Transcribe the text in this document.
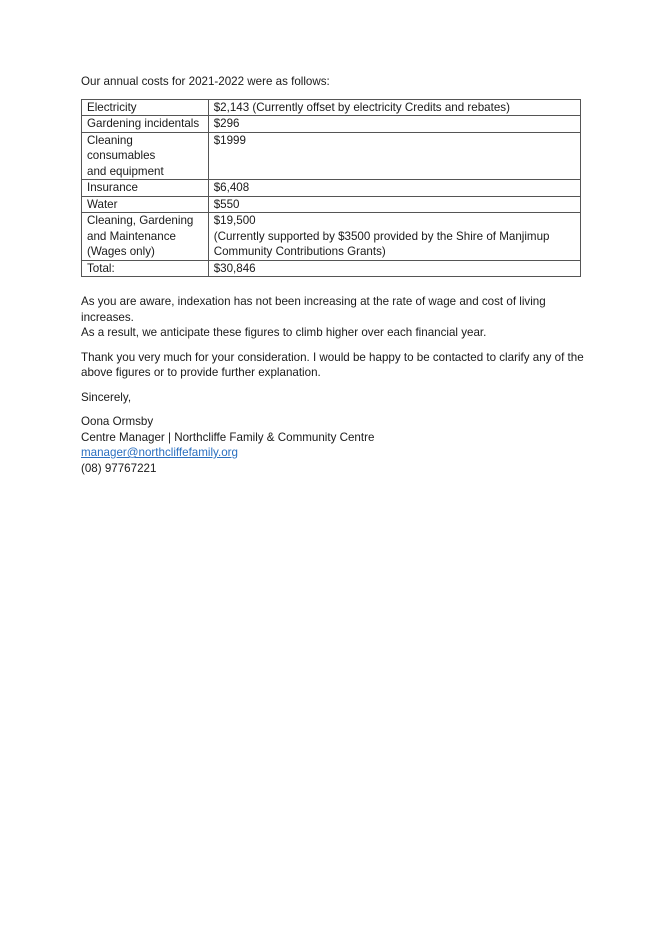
Our annual costs for 2021-2022 were as follows:

Electricity	$2,143 (Currently offset by electricity Credits and rebates)

Gardening incidentals	$296

Cleaning consumables
and equipment	$1999

Insurance	$6,408

Water	$550

Cleaning, Gardening
and Maintenance
(Wages only)	$19,500
(Currently supported by $3500 provided by the Shire of Manjimup
Community Contributions Grants)

Total:	$30,846

As you are aware, indexation has not been increasing at the rate of wage and cost of living increases.
As a result, we anticipate these figures to climb higher over each financial year.

Thank you very much for your consideration. I would be happy to be contacted to clarify any of the
above figures or to provide further explanation.

Sincerely,

Oona Ormsby
Centre Manager | Northcliffe Family & Community Centre
manager@northcliffefamily.org
(08) 97767221
